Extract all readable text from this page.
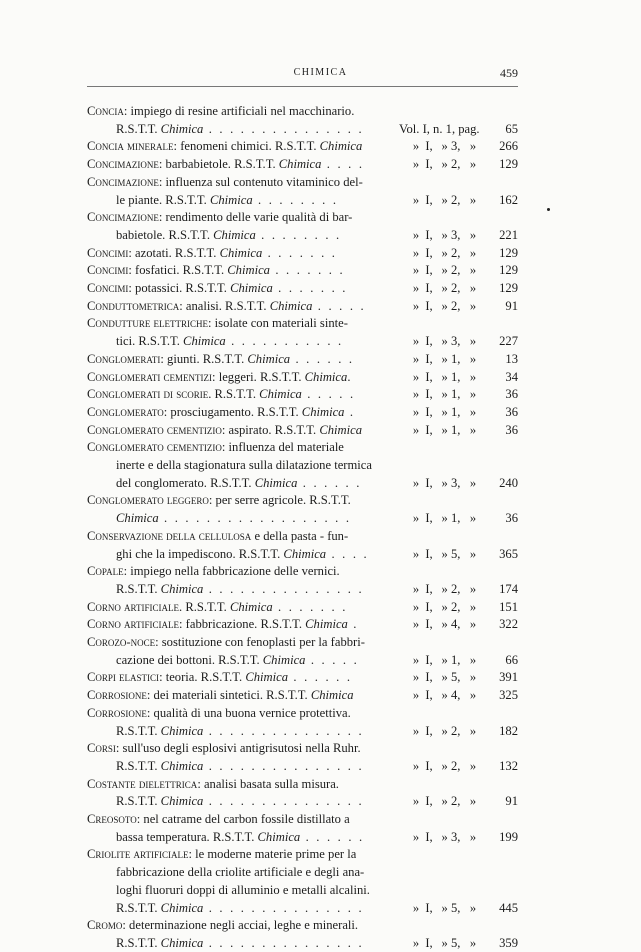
CHIMICA	459
Concia: impiego di resine artificiali nel macchinario.
R.S.T.T. Chimica . . . . . . . . . . . . . . .	Vol. I, n. 1, pag.	65
Concia minerale: fenomeni chimici. R.S.T.T. Chimica	» I, » 3, »	266
Concimazione: barbabietole. R.S.T.T. Chimica . . . .	» I, » 2, »	129
Concimazione: influenza sul contenuto vitaminico del-
le piante. R.S.T.T. Chimica . . . . . . . .	» I, » 2, »	162
Concimazione: rendimento delle varie qualità di bar-
babietole. R.S.T.T. Chimica . . . . . . . .	» I, » 3, »	221
Concimi: azotati. R.S.T.T. Chimica . . . . . . .	» I, » 2, »	129
Concimi: fosfatici. R.S.T.T. Chimica . . . . . . .	» I, » 2, »	129
Concimi: potassici. R.S.T.T. Chimica . . . . . . .	» I, » 2, »	129
Conduttometrica: analisi. R.S.T.T. Chimica . . . . .	» I, » 2, »	91
Condutture elettriche: isolate con materiali sinte-
tici. R.S.T.T. Chimica . . . . . . . . . . .	» I, » 3, »	227
Conglomerati: giunti. R.S.T.T. Chimica . . . . . .	» I, » 1, »	13
Conglomerati cementizi: leggeri. R.S.T.T. Chimica.	» I, » 1, »	34
Conglomerati di scorie. R.S.T.T. Chimica . . . . .	» I, » 1, »	36
Conglomerato: prosciugamento. R.S.T.T. Chimica .	» I, » 1, »	36
Conglomerato cementizio: aspirato. R.S.T.T. Chimica	» I, » 1, »	36
Conglomerato cementizio: influenza del materiale
inerte e della stagionatura sulla dilatazione termica
del conglomerato. R.S.T.T. Chimica . . . . . .	» I, » 3, »	240
Conglomerato leggero: per serre agricole. R.S.T.T.
Chimica . . . . . . . . . . . . . . . . . .	» I, » 1, »	36
Conservazione della cellulosa e della pasta - fun-
ghi che la impediscono. R.S.T.T. Chimica . . . .	» I, » 5, »	365
Copale: impiego nella fabbricazione delle vernici.
R.S.T.T. Chimica . . . . . . . . . . . . . . .	» I, » 2, »	174
Corno artificiale. R.S.T.T. Chimica . . . . . . .	» I, » 2, »	151
Corno artificiale: fabbricazione. R.S.T.T. Chimica .	» I, » 4, »	322
Corozo-noce: sostituzione con fenoplasti per la fabbri-
cazione dei bottoni. R.S.T.T. Chimica . . . . .	» I, » 1, »	66
Corpi elastici: teoria. R.S.T.T. Chimica . . . . . .	» I, » 5, »	391
Corrosione: dei materiali sintetici. R.S.T.T. Chimica	» I, » 4, »	325
Corrosione: qualità di una buona vernice protettiva.
R.S.T.T. Chimica . . . . . . . . . . . . . . .	» I, » 2, »	182
Corsi: sull'uso degli esplosivi antigrisutosi nella Ruhr.
R.S.T.T. Chimica . . . . . . . . . . . . . . .	» I, » 2, »	132
Costante dielettrica: analisi basata sulla misura.
R.S.T.T. Chimica . . . . . . . . . . . . . . .	» I, » 2, »	91
Creosoto: nel catrame del carbon fossile distillato a
bassa temperatura. R.S.T.T. Chimica . . . . . .	» I, » 3, »	199
Criolite artificiale: le moderne materie prime per la
fabbricazione della criolite artificiale e degli ana-
loghi fluoruri doppi di alluminio e metalli alcalini.
R.S.T.T. Chimica . . . . . . . . . . . . . . .	» I, » 5, »	445
Cromo: determinazione negli acciai, leghe e minerali.
R.S.T.T. Chimica . . . . . . . . . . . . . . .	» I, » 5, »	359
